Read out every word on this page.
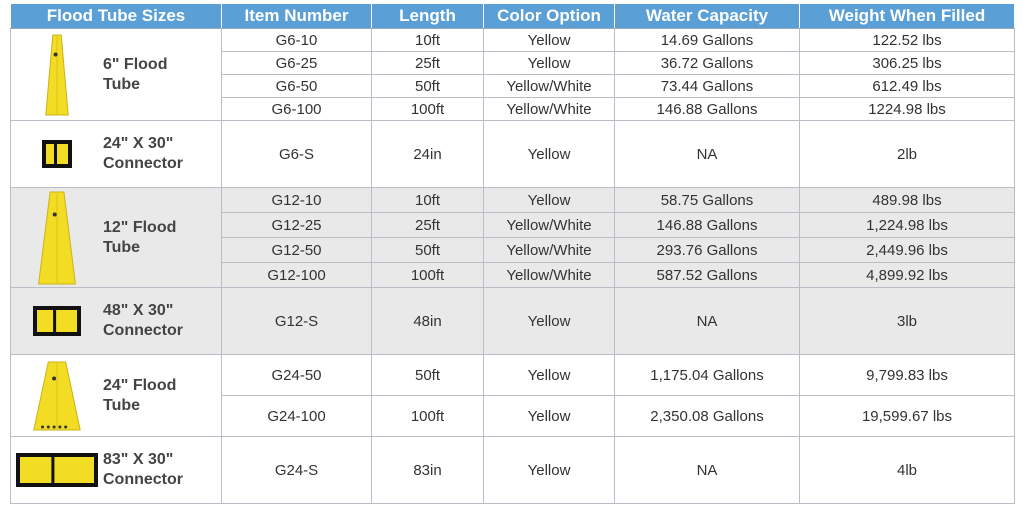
Flood Tube Sizes	Item Number	Length	Color Option	Water Capacity	Weight When Filled

6" Flood
Tube	G6-10	10ft	Yellow	14.69 Gallons	122.52 lbs
	G6-25	25ft	Yellow	36.72 Gallons	306.25 lbs
	G6-50	50ft	Yellow/White	73.44 Gallons	612.49 lbs
	G6-100	100ft	Yellow/White	146.88 Gallons	1224.98 lbs

24" X 30"
Connector	G6-S	24in	Yellow	NA	2lb

12" Flood
Tube	G12-10	10ft	Yellow	58.75 Gallons	489.98 lbs
	G12-25	25ft	Yellow/White	146.88 Gallons	1,224.98 lbs
	G12-50	50ft	Yellow/White	293.76 Gallons	2,449.96 lbs
	G12-100	100ft	Yellow/White	587.52 Gallons	4,899.92 lbs

48" X 30"
Connector	G12-S	48in	Yellow	NA	3lb

24" Flood
Tube	G24-50	50ft	Yellow	1,175.04 Gallons	9,799.83 lbs
	G24-100	100ft	Yellow	2,350.08 Gallons	19,599.67 lbs

83" X 30"
Connector	G24-S	83in	Yellow	NA	4lb
